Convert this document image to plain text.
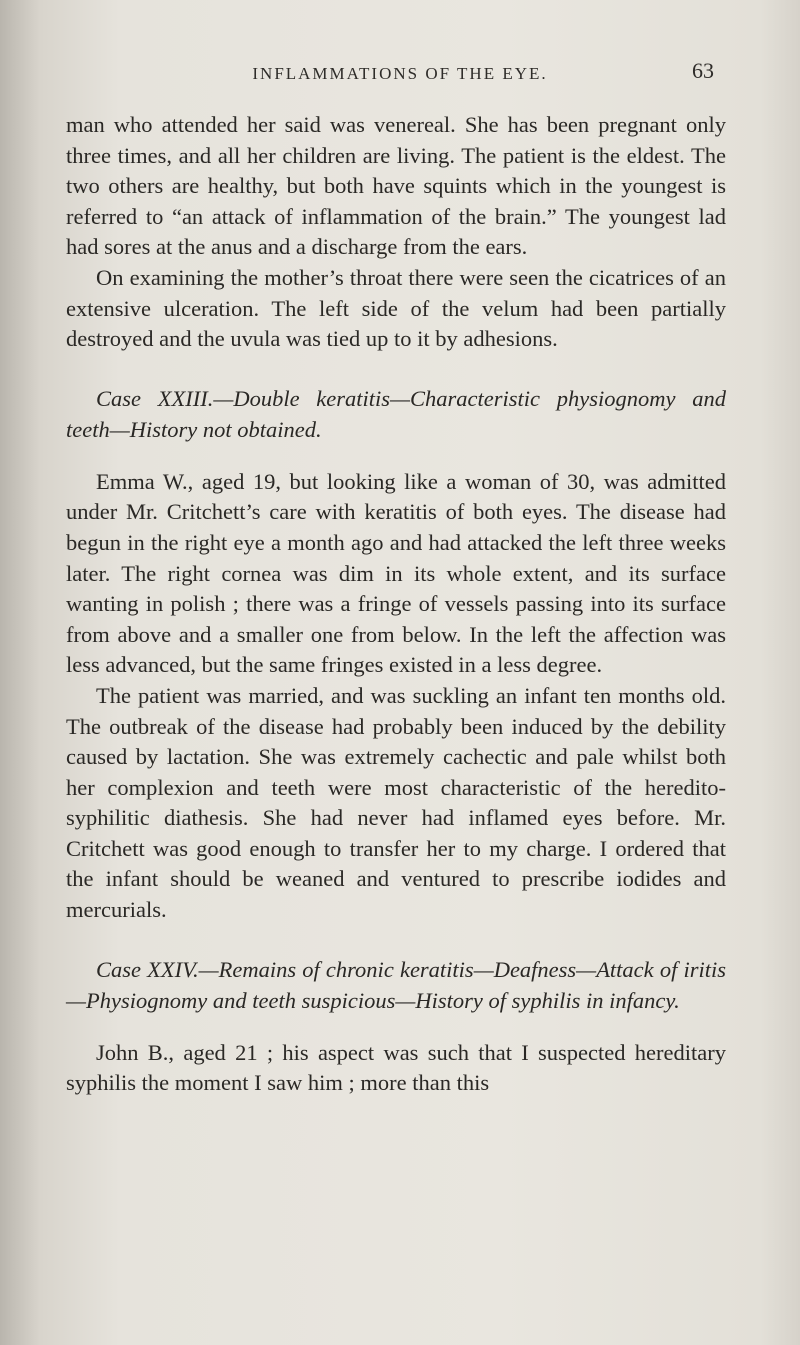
INFLAMMATIONS OF THE EYE.	63

man who attended her said was venereal. She has been pregnant only three times, and all her children are living. The patient is the eldest. The two others are healthy, but both have squints which in the youngest is referred to “an attack of inflammation of the brain.” The youngest lad had sores at the anus and a discharge from the ears.

On examining the mother’s throat there were seen the cicatrices of an extensive ulceration. The left side of the velum had been partially destroyed and the uvula was tied up to it by adhesions.

Case XXIII.—Double keratitis—Characteristic physiognomy and teeth—History not obtained.

Emma W., aged 19, but looking like a woman of 30, was admitted under Mr. Critchett’s care with keratitis of both eyes. The disease had begun in the right eye a month ago and had attacked the left three weeks later. The right cornea was dim in its whole extent, and its surface wanting in polish ; there was a fringe of vessels passing into its surface from above and a smaller one from below. In the left the affection was less advanced, but the same fringes existed in a less degree.

The patient was married, and was suckling an infant ten months old. The outbreak of the disease had probably been induced by the debility caused by lactation. She was extremely cachectic and pale whilst both her complexion and teeth were most characteristic of the heredito-syphilitic diathesis. She had never had inflamed eyes before. Mr. Critchett was good enough to transfer her to my charge. I ordered that the infant should be weaned and ventured to prescribe iodides and mercurials.

Case XXIV.—Remains of chronic keratitis—Deafness—Attack of iritis—Physiognomy and teeth suspicious—History of syphilis in infancy.

John B., aged 21 ; his aspect was such that I suspected hereditary syphilis the moment I saw him ; more than this
